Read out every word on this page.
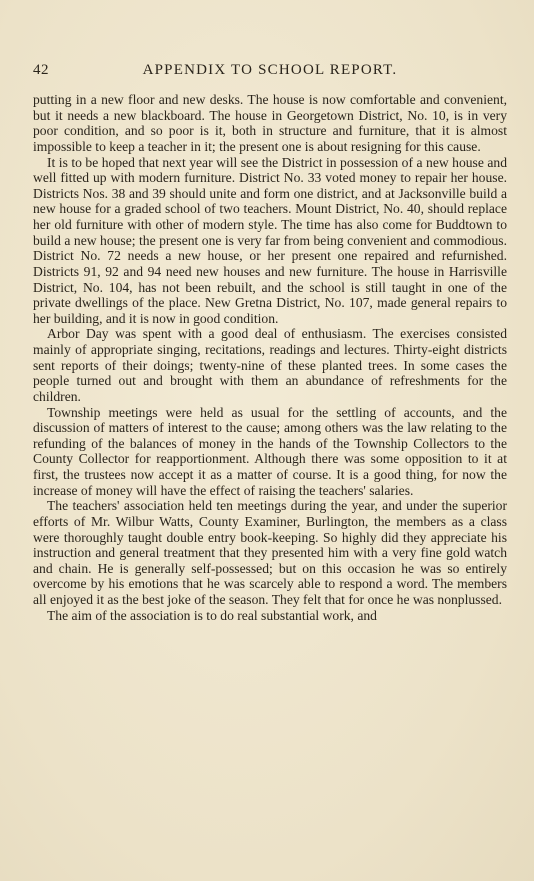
42	APPENDIX TO SCHOOL REPORT.

putting in a new floor and new desks. The house is now comfortable and convenient, but it needs a new blackboard. The house in Georgetown District, No. 10, is in very poor condition, and so poor is it, both in structure and furniture, that it is almost impossible to keep a teacher in it; the present one is about resigning for this cause.

It is to be hoped that next year will see the District in possession of a new house and well fitted up with modern furniture. District No. 33 voted money to repair her house. Districts Nos. 38 and 39 should unite and form one district, and at Jacksonville build a new house for a graded school of two teachers. Mount District, No. 40, should replace her old furniture with other of modern style. The time has also come for Buddtown to build a new house; the present one is very far from being convenient and commodious. District No. 72 needs a new house, or her present one repaired and refurnished. Districts 91, 92 and 94 need new houses and new furniture. The house in Harrisville District, No. 104, has not been rebuilt, and the school is still taught in one of the private dwellings of the place. New Gretna District, No. 107, made general repairs to her building, and it is now in good condition.

Arbor Day was spent with a good deal of enthusiasm. The exercises consisted mainly of appropriate singing, recitations, readings and lectures. Thirty-eight districts sent reports of their doings; twenty-nine of these planted trees. In some cases the people turned out and brought with them an abundance of refreshments for the children.

Township meetings were held as usual for the settling of accounts, and the discussion of matters of interest to the cause; among others was the law relating to the refunding of the balances of money in the hands of the Township Collectors to the County Collector for reapportionment. Although there was some opposition to it at first, the trustees now accept it as a matter of course. It is a good thing, for now the increase of money will have the effect of raising the teachers' salaries.

The teachers' association held ten meetings during the year, and under the superior efforts of Mr. Wilbur Watts, County Examiner, Burlington, the members as a class were thoroughly taught double entry book-keeping. So highly did they appreciate his instruction and general treatment that they presented him with a very fine gold watch and chain. He is generally self-possessed; but on this occasion he was so entirely overcome by his emotions that he was scarcely able to respond a word. The members all enjoyed it as the best joke of the season. They felt that for once he was nonplussed.

The aim of the association is to do real substantial work, and
